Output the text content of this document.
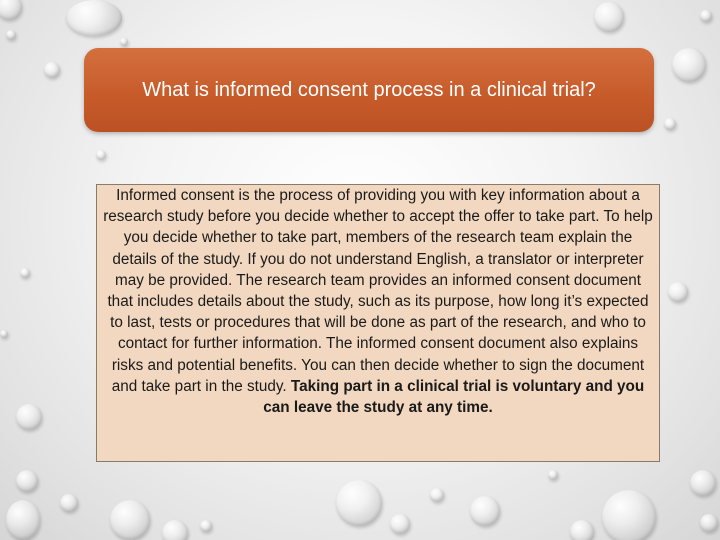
What is informed consent process in a clinical trial?
Informed consent is the process of providing you with key information about a research study before you decide whether to accept the offer to take part. To help you decide whether to take part, members of the research team explain the details of the study. If you do not understand English, a translator or interpreter may be provided. The research team provides an informed consent document that includes details about the study, such as its purpose, how long it’s expected to last, tests or procedures that will be done as part of the research, and who to contact for further information. The informed consent document also explains risks and potential benefits. You can then decide whether to sign the document and take part in the study. Taking part in a clinical trial is voluntary and you can leave the study at any time.
